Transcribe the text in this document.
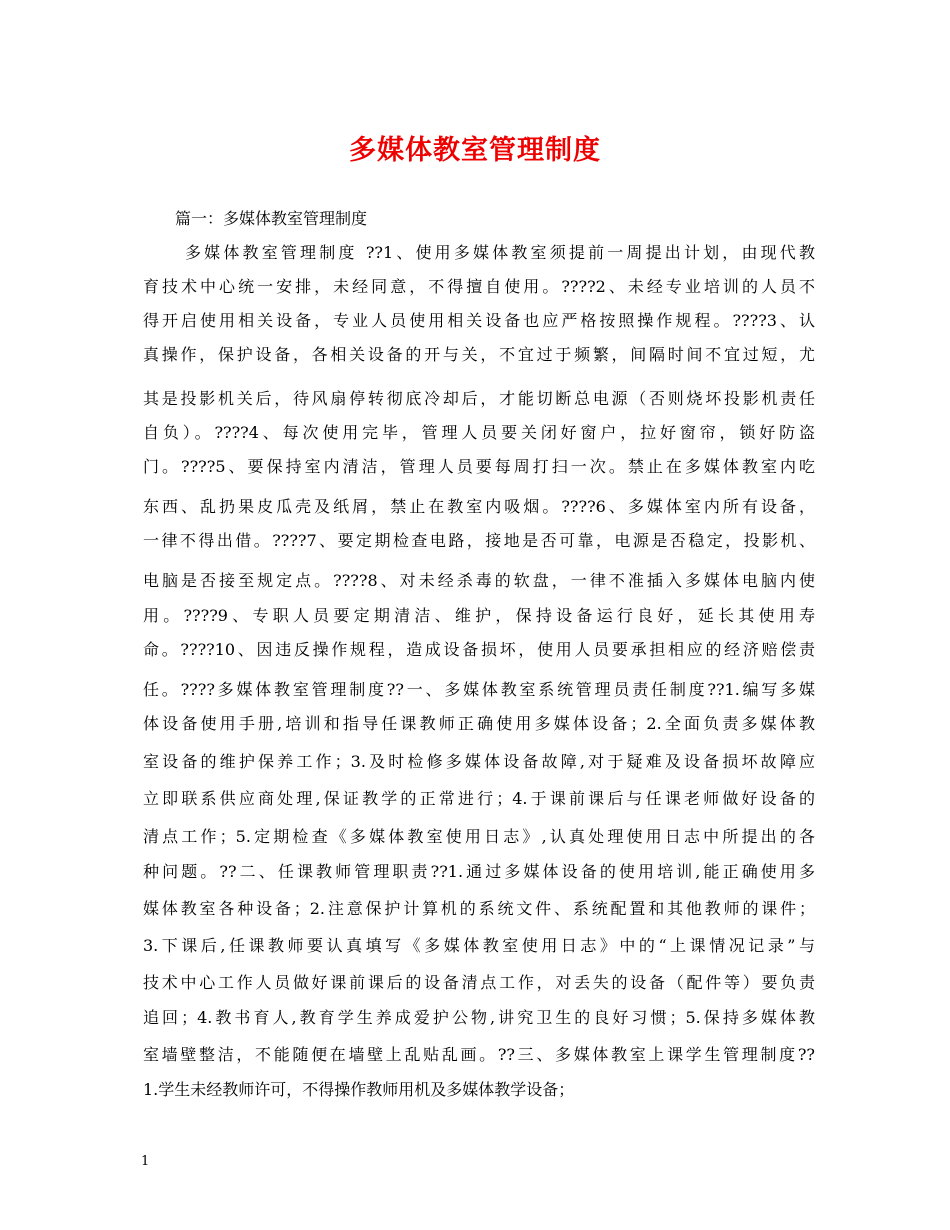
多媒体教室管理制度
篇一：多媒体教室管理制度
多媒体教室管理制度 ??1、使用多媒体教室须提前一周提出计划，由现代教
育技术中心统一安排，未经同意，不得擅自使用。????2、未经专业培训的人员不
得开启使用相关设备，专业人员使用相关设备也应严格按照操作规程。????3、认
真操作，保护设备，各相关设备的开与关，不宜过于频繁，间隔时间不宜过短，尤
其是投影机关后，待风扇停转彻底冷却后，才能切断总电源（否则烧坏投影机责任
自负）。????4、每次使用完毕，管理人员要关闭好窗户，拉好窗帘，锁好防盗
门。????5、要保持室内清洁，管理人员要每周打扫一次。禁止在多媒体教室内吃
东西、乱扔果皮瓜壳及纸屑，禁止在教室内吸烟。????6、多媒体室内所有设备，
一律不得出借。????7、要定期检查电路，接地是否可靠，电源是否稳定，投影机、
电脑是否接至规定点。????8、对未经杀毒的软盘，一律不准插入多媒体电脑内使
用。????9、专职人员要定期清洁、维护，保持设备运行良好，延长其使用寿
命。????10、因违反操作规程，造成设备损坏，使用人员要承担相应的经济赔偿责
任。????多媒体教室管理制度??一、多媒体教室系统管理员责任制度??1.编写多媒
体设备使用手册,培训和指导任课教师正确使用多媒体设备；2.全面负责多媒体教
室设备的维护保养工作；3.及时检修多媒体设备故障,对于疑难及设备损坏故障应
立即联系供应商处理,保证教学的正常进行；4.于课前课后与任课老师做好设备的
清点工作；5.定期检查《多媒体教室使用日志》,认真处理使用日志中所提出的各
种问题。??二、任课教师管理职责??1.通过多媒体设备的使用培训,能正确使用多
媒体教室各种设备；2.注意保护计算机的系统文件、系统配置和其他教师的课件；
3.下课后,任课教师要认真填写《多媒体教室使用日志》中的“上课情况记录”与
技术中心工作人员做好课前课后的设备清点工作，对丢失的设备（配件等）要负责
追回；4.教书育人,教育学生养成爱护公物,讲究卫生的良好习惯；5.保持多媒体教
室墙壁整洁，不能随便在墙壁上乱贴乱画。??三、多媒体教室上课学生管理制度??
1.学生未经教师许可，不得操作教师用机及多媒体教学设备；
1
